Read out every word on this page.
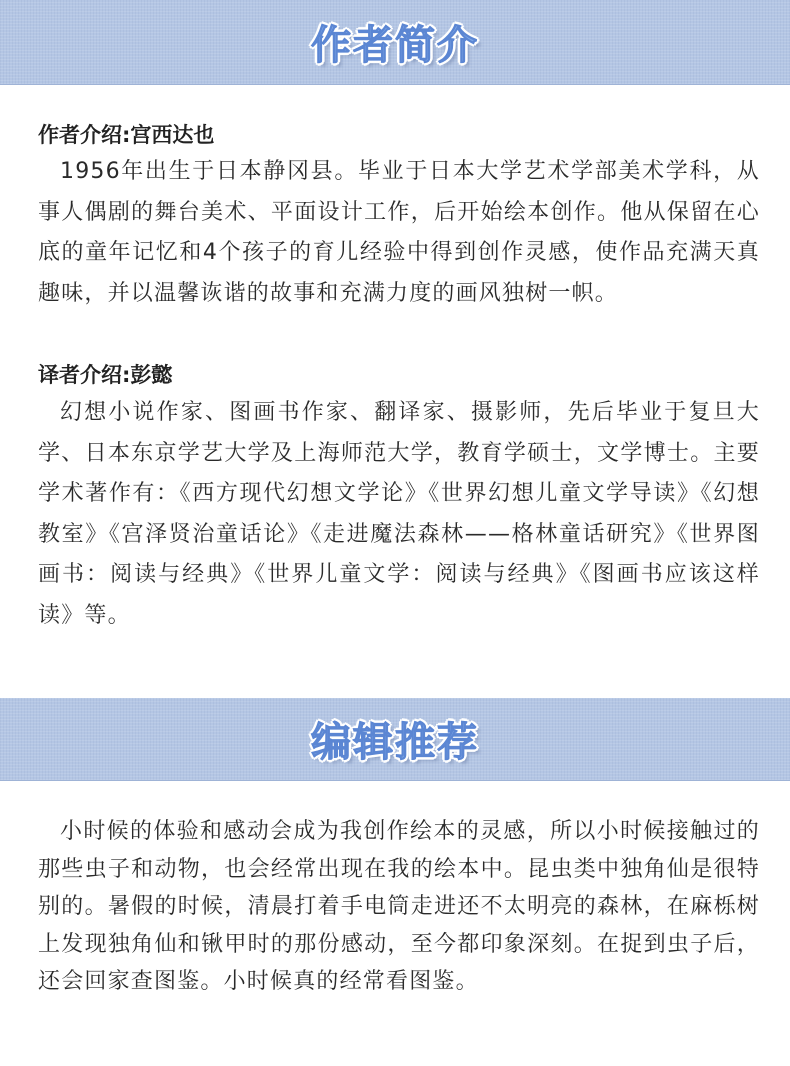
作者简介
作者介绍:宫西达也

1956年出生于日本静冈县。毕业于日本大学艺术学部美术学科，从事人偶剧的舞台美术、平面设计工作，后开始绘本创作。他从保留在心底的童年记忆和4个孩子的育儿经验中得到创作灵感，使作品充满天真趣味，并以温馨诙谐的故事和充满力度的画风独树一帜。

译者介绍:彭懿

幻想小说作家、图画书作家、翻译家、摄影师，先后毕业于复旦大学、日本东京学艺大学及上海师范大学，教育学硕士，文学博士。主要学术著作有：《西方现代幻想文学论》《世界幻想儿童文学导读》《幻想教室》《宫泽贤治童话论》《走进魔法森林——格林童话研究》《世界图画书：阅读与经典》《世界儿童文学：阅读与经典》《图画书应该这样读》等。

编辑推荐

小时候的体验和感动会成为我创作绘本的灵感，所以小时候接触过的那些虫子和动物，也会经常出现在我的绘本中。昆虫类中独角仙是很特别的。暑假的时候，清晨打着手电筒走进还不太明亮的森林，在麻栎树上发现独角仙和锹甲时的那份感动，至今都印象深刻。在捉到虫子后，还会回家查图鉴。小时候真的经常看图鉴。
